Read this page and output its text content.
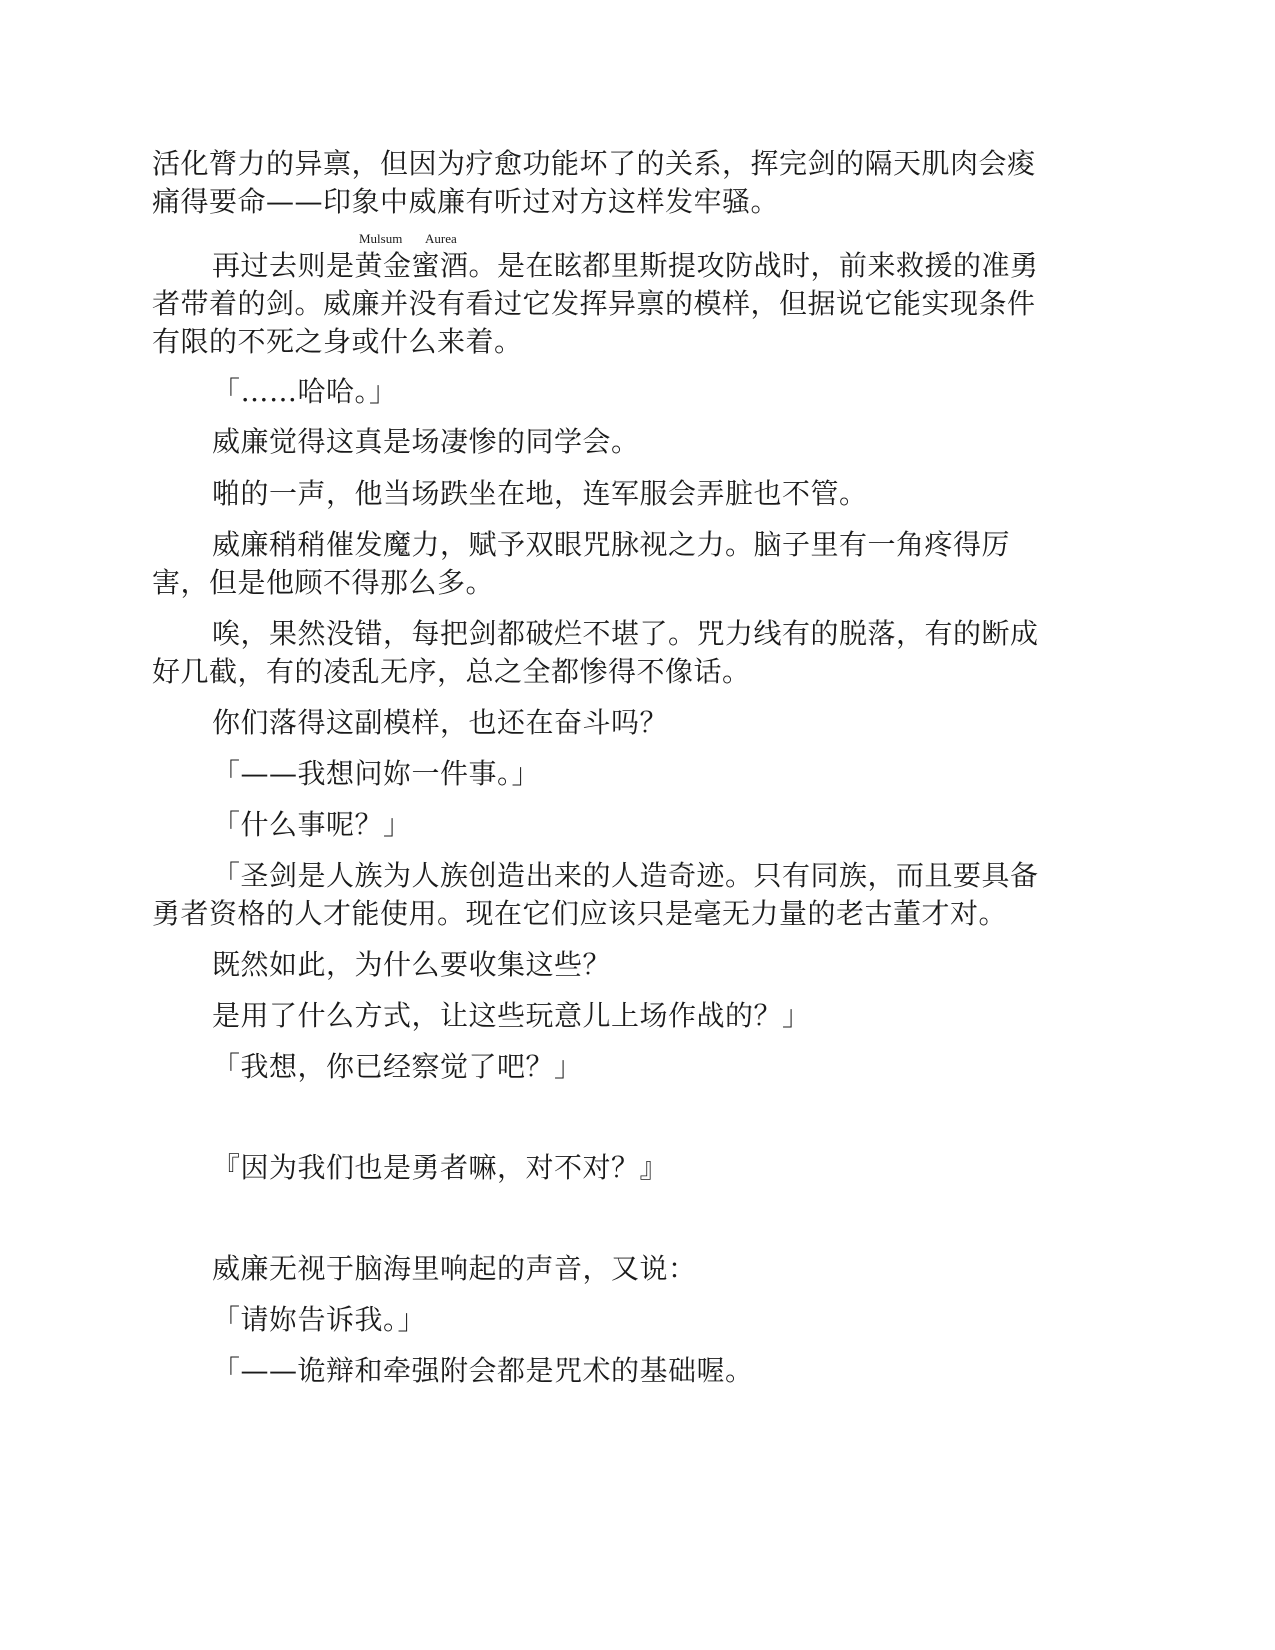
活化膂力的异禀，但因为疗愈功能坏了的关系，挥完剑的隔天肌肉会痠
痛得要命——印象中威廉有听过对方这样发牢骚。
Mulsum Aurea
再过去则是黄金蜜酒。是在眩都里斯提攻防战时，前来救援的准勇
者带着的剑。威廉并没有看过它发挥异禀的模样，但据说它能实现条件
有限的不死之身或什么来着。
「……哈哈。」
威廉觉得这真是场凄惨的同学会。
啪的一声，他当场跌坐在地，连军服会弄脏也不管。
威廉稍稍催发魔力，赋予双眼咒脉视之力。脑子里有一角疼得厉
害，但是他顾不得那么多。
唉，果然没错，每把剑都破烂不堪了。咒力线有的脱落，有的断成
好几截，有的凌乱无序，总之全都惨得不像话。
你们落得这副模样，也还在奋斗吗？
「——我想问妳一件事。」
「什么事呢？」
「圣剑是人族为人族创造出来的人造奇迹。只有同族，而且要具备
勇者资格的人才能使用。现在它们应该只是毫无力量的老古董才对。
既然如此，为什么要收集这些？
是用了什么方式，让这些玩意儿上场作战的？」
「我想，你已经察觉了吧？」
『因为我们也是勇者嘛，对不对？』
威廉无视于脑海里响起的声音，又说：
「请妳告诉我。」
「——诡辩和牵强附会都是咒术的基础喔。
